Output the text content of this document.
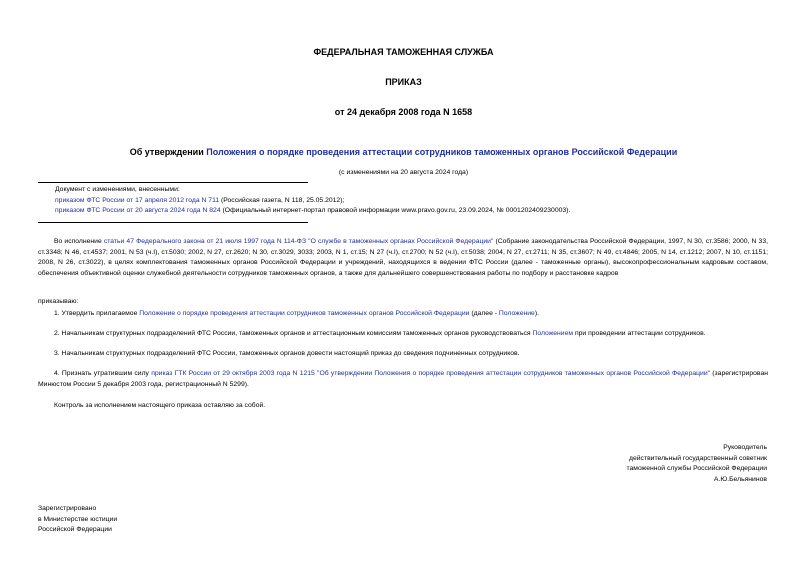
ФЕДЕРАЛЬНАЯ ТАМОЖЕННАЯ СЛУЖБА
ПРИКАЗ
от 24 декабря 2008 года N 1658
Об утверждении Положения о порядке проведения аттестации сотрудников таможенных органов Российской Федерации
(с изменениями на 20 августа 2024 года)
Документ с изменениями, внесенными:
приказом ФТС России от 17 апреля 2012 года N 711 (Российская газета, N 118, 25.05.2012);
приказом ФТС России от 20 августа 2024 года N 824 (Официальный интернет-портал правовой информации www.pravo.gov.ru, 23.09.2024, № 0001202409230003).
Во исполнение статьи 47 Федерального закона от 21 июля 1997 года N 114-ФЗ "О службе в таможенных органах Российской Федерации" (Собрание законодательства Российской Федерации, 1997, N 30, ст.3586; 2000, N 33, ст.3348; N 46, ст.4537; 2001, N 53 (ч.I), ст.5030; 2002, N 27, ст.2620; N 30, ст.3029, 3033; 2003, N 1, ст.15; N 27 (ч.I), ст.2700; N 52 (ч.I), ст.5038; 2004, N 27, ст.2711; N 35, ст.3607; N 49, ст.4846; 2005, N 14, ст.1212; 2007, N 10, ст.1151; 2008, N 26, ст.3022), в целях комплектования таможенных органов Российской Федерации и учреждений, находящихся в ведении ФТС России (далее - таможенные органы), высокопрофессиональным кадровым составом, обеспечения объективной оценки служебной деятельности сотрудников таможенных органов, а также для дальнейшего совершенствования работы по подбору и расстановке кадров
приказываю:
1. Утвердить прилагаемое Положение о порядке проведения аттестации сотрудников таможенных органов Российской Федерации (далее - Положение).
2. Начальникам структурных подразделений ФТС России, таможенных органов и аттестационным комиссиям таможенных органов руководствоваться Положением при проведении аттестации сотрудников.
3. Начальникам структурных подразделений ФТС России, таможенных органов довести настоящий приказ до сведения подчиненных сотрудников.
4. Признать утратившим силу приказ ГТК России от 29 октября 2003 года N 1215 "Об утверждении Положения о порядке проведения аттестации сотрудников таможенных органов Российской Федерации" (зарегистрирован Минюстом России 5 декабря 2003 года, регистрационный N 5299).
Контроль за исполнением настоящего приказа оставляю за собой.
Руководитель
действительный государственный советник
таможенной службы Российской Федерации
А.Ю.Бельянинов
Зарегистрировано
в Министерстве юстиции
Российской Федерации
